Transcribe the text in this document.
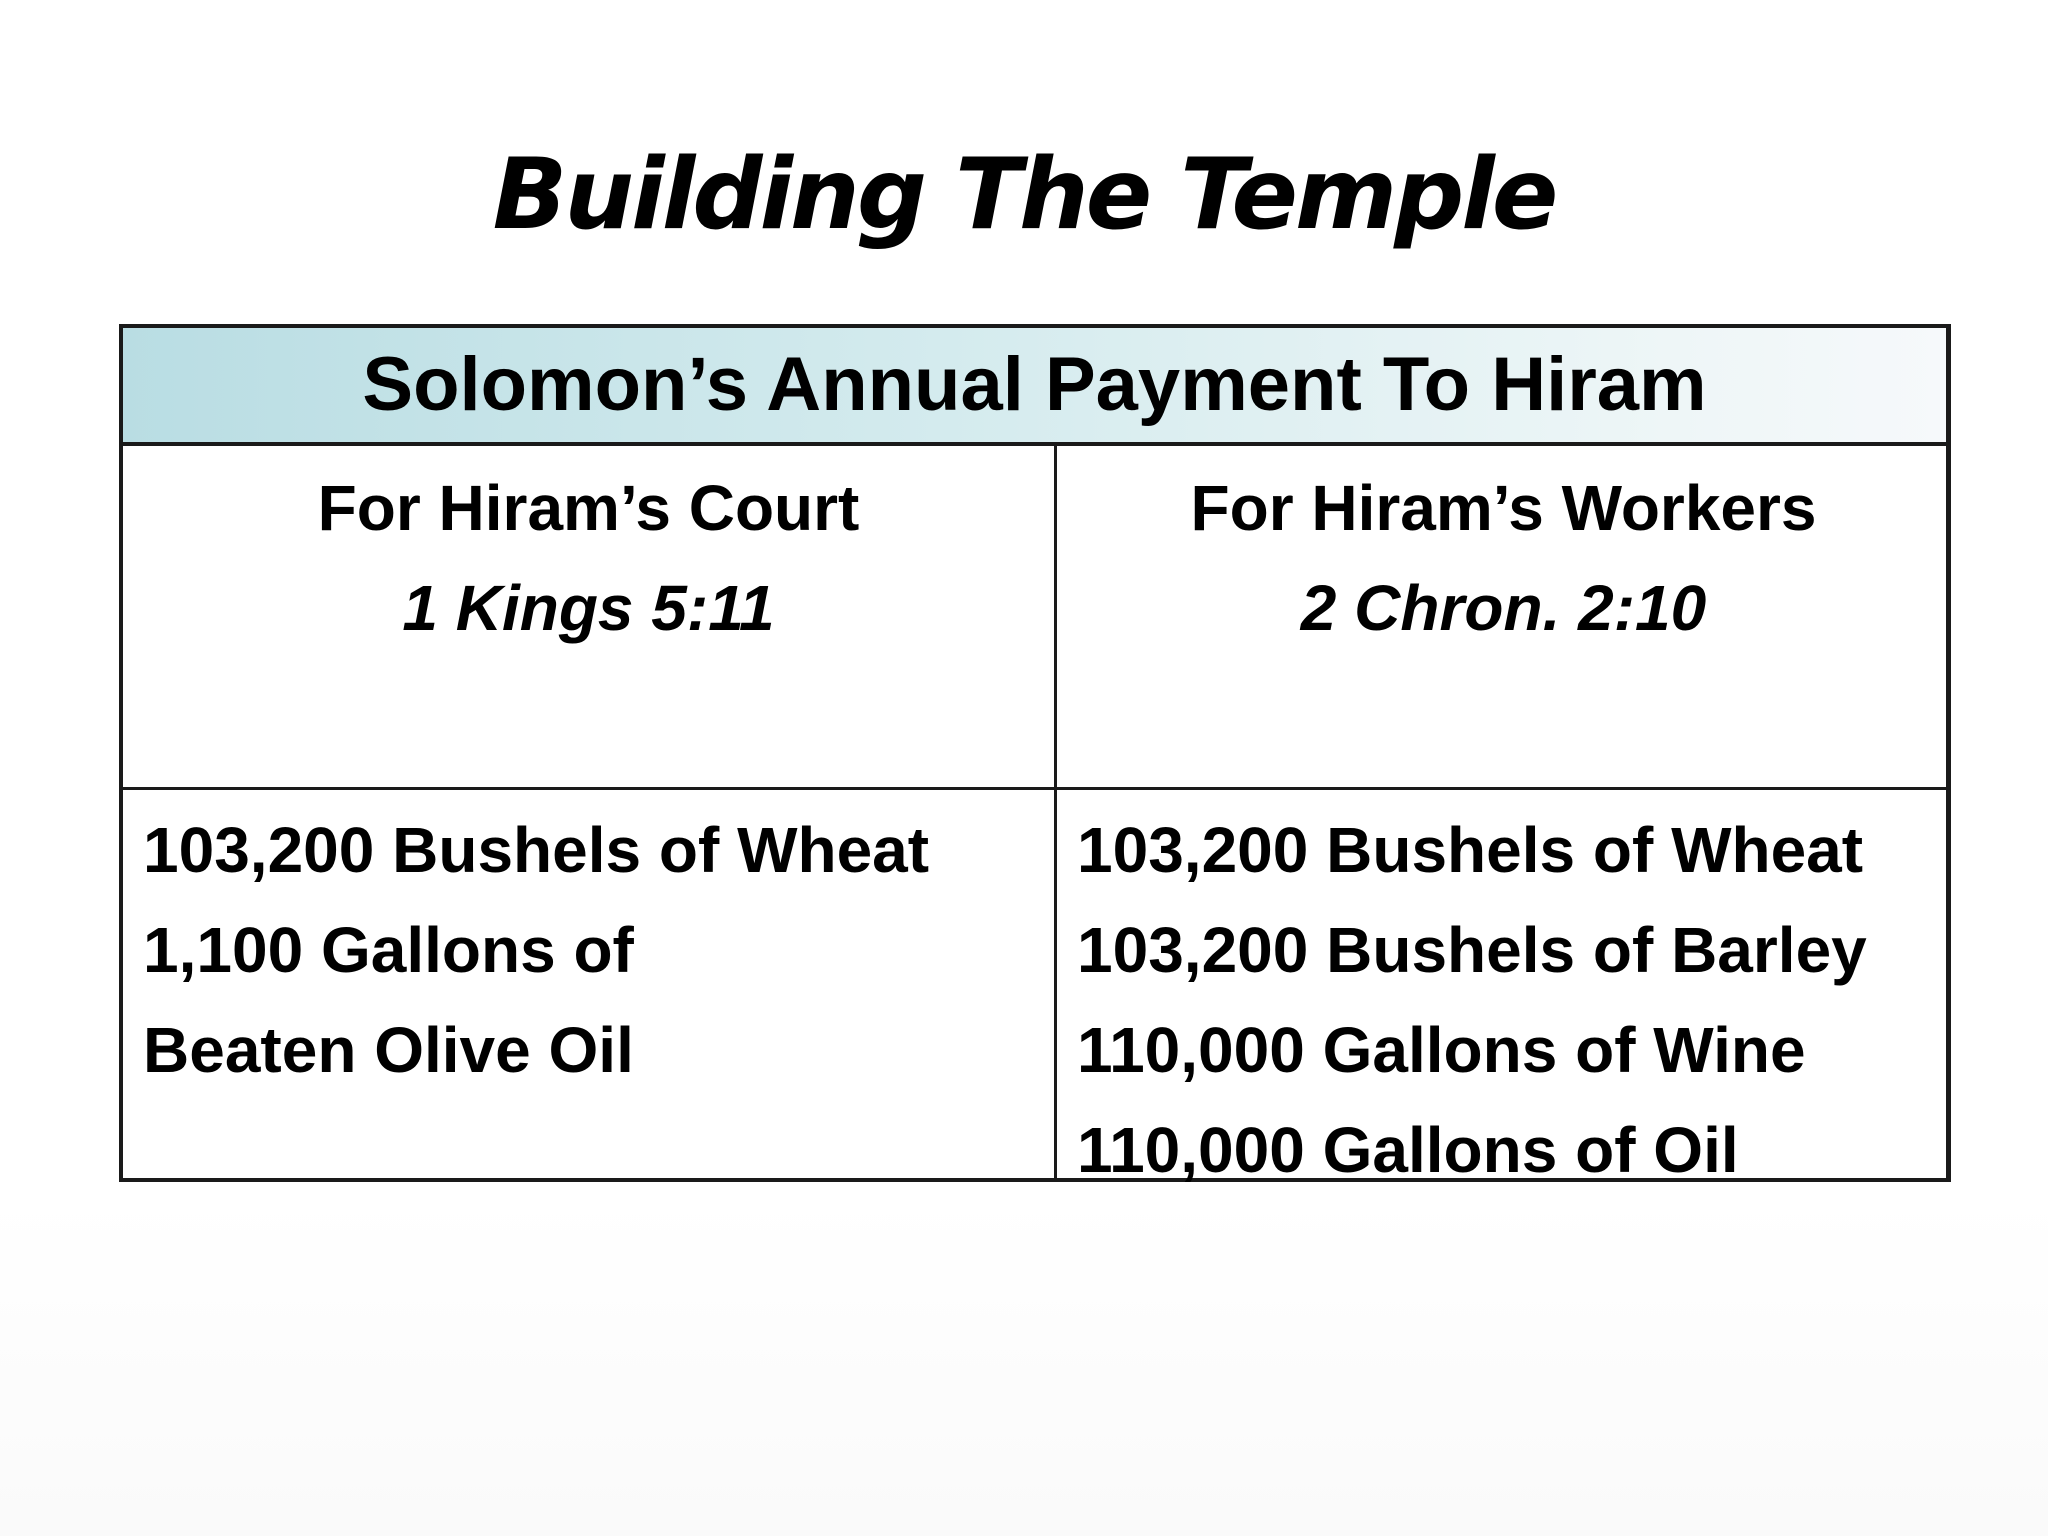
Building The Temple
Solomon’s Annual Payment To Hiram
For Hiram’s Court
1 Kings 5:11
For Hiram’s Workers
2 Chron. 2:10
103,200 Bushels of Wheat
1,100 Gallons of
Beaten Olive Oil
103,200 Bushels of Wheat
103,200 Bushels of Barley
110,000 Gallons of Wine
110,000 Gallons of Oil
